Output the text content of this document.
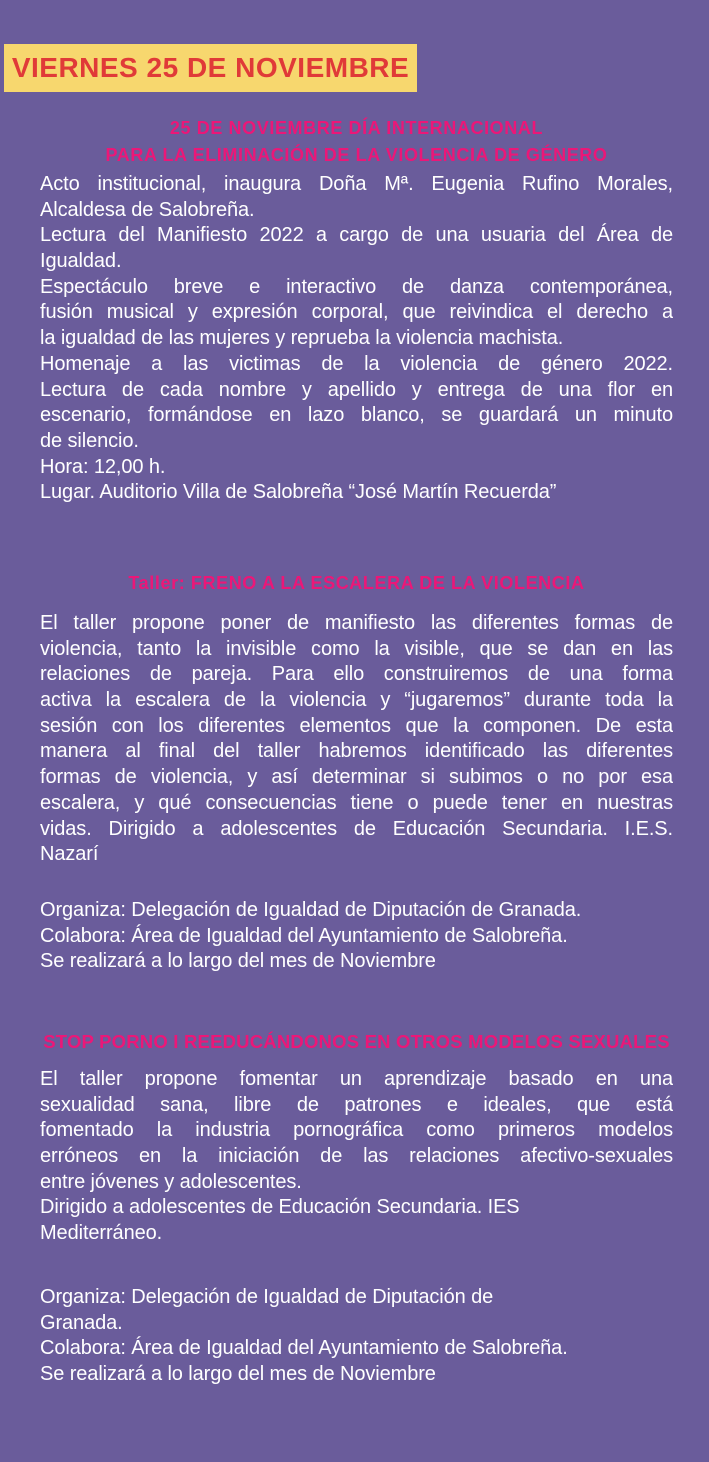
VIERNES 25 DE NOVIEMBRE
25 DE NOVIEMBRE DÍA INTERNACIONAL
PARA LA ELIMINACIÓN DE LA VIOLENCIA DE GÉNERO
Acto institucional, inaugura Doña Mª. Eugenia Rufino Morales,
Alcaldesa de Salobreña.
Lectura del Manifiesto 2022 a cargo de una usuaria del Área de
Igualdad.
Espectáculo breve e interactivo de danza contemporánea,
fusión musical y expresión corporal, que reivindica el derecho a
la igualdad de las mujeres y reprueba la violencia machista.
Homenaje a las victimas de la violencia de género 2022.
Lectura de cada nombre y apellido y entrega de una flor en
escenario, formándose en lazo blanco, se guardará un minuto
de silencio.
Hora: 12,00 h.
Lugar. Auditorio Villa de Salobreña “José Martín Recuerda”
Taller: FRENO A LA ESCALERA DE LA VIOLENCIA
El taller propone poner de manifiesto las diferentes formas de
violencia, tanto la invisible como la visible, que se dan en las
relaciones de pareja. Para ello construiremos de una forma
activa la escalera de la violencia y “jugaremos” durante toda la
sesión con los diferentes elementos que la componen. De esta
manera al final del taller habremos identificado las diferentes
formas de violencia, y así determinar si subimos o no por esa
escalera, y qué consecuencias tiene o puede tener en nuestras
vidas. Dirigido a adolescentes de Educación Secundaria. I.E.S.
Nazarí
Organiza: Delegación de Igualdad de Diputación de Granada.
Colabora: Área de Igualdad del Ayuntamiento de Salobreña.
Se realizará a lo largo del mes de Noviembre
STOP PORNO I REEDUCÁNDONOS EN OTROS MODELOS SEXUALES
El taller propone fomentar un aprendizaje basado en una
sexualidad sana, libre de patrones e ideales, que está
fomentado la industria pornográfica como primeros modelos
erróneos en la iniciación de las relaciones afectivo-sexuales
entre jóvenes y adolescentes.
Dirigido a adolescentes de Educación Secundaria. IES
Mediterráneo.
Organiza: Delegación de Igualdad de Diputación de
Granada.
Colabora: Área de Igualdad del Ayuntamiento de Salobreña.
Se realizará a lo largo del mes de Noviembre
